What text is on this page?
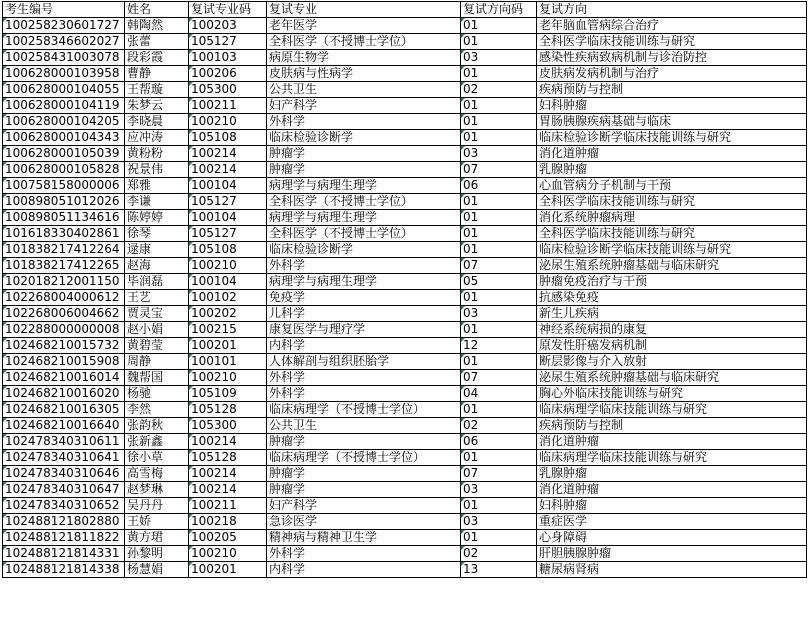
考生编号	姓名	复试专业码	复试专业	复试方向码	复试方向
100258230601727	韩陶然	100203	老年医学	01	老年脑血管病综合治疗
100258346602027	张蕾	105127	全科医学（不授博士学位）	01	全科医学临床技能训练与研究
100258431003078	段彩霞	100103	病原生物学	03	感染性疾病致病机制与诊治防控
100628000103958	曹静	100206	皮肤病与性病学	01	皮肤病发病机制与治疗
100628000104055	王帮璇	105300	公共卫生	02	疾病预防与控制
100628000104119	朱梦云	100211	妇产科学	01	妇科肿瘤
100628000104205	李晓晨	100210	外科学	01	胃肠胰腺疾病基础与临床
100628000104343	应冲涛	105108	临床检验诊断学	01	临床检验诊断学临床技能训练与研究
100628000105039	黄粉粉	100214	肿瘤学	03	消化道肿瘤
100628000105828	祝景伟	100214	肿瘤学	07	乳腺肿瘤
100758158000006	郑雅	100104	病理学与病理生理学	06	心血管病分子机制与干预
100898051012026	李谦	105127	全科医学（不授博士学位）	01	全科医学临床技能训练与研究
100898051134616	陈婷婷	100104	病理学与病理生理学	01	消化系统肿瘤病理
101618330402861	徐琴	105127	全科医学（不授博士学位）	01	全科医学临床技能训练与研究
101838217412264	逯康	105108	临床检验诊断学	01	临床检验诊断学临床技能训练与研究
101838217412265	赵海	100210	外科学	07	泌尿生殖系统肿瘤基础与临床研究
102018212001150	毕润磊	100104	病理学与病理生理学	05	肿瘤免疫治疗与干预
102268004000612	王艺	100102	免疫学	01	抗感染免疫
102268006004662	贾灵宝	100202	儿科学	03	新生儿疾病
102288000000008	赵小娟	100215	康复医学与理疗学	01	神经系统病损的康复
102468210015732	黄碧莹	100201	内科学	12	原发性肝癌发病机制
102468210015908	周静	100101	人体解剖与组织胚胎学	01	断层影像与介入放射
102468210016014	魏帮国	100210	外科学	07	泌尿生殖系统肿瘤基础与临床研究
102468210016020	杨驰	105109	外科学	04	胸心外临床技能训练与研究
102468210016305	李然	105128	临床病理学（不授博士学位）	01	临床病理学临床技能训练与研究
102468210016640	张韵秋	105300	公共卫生	02	疾病预防与控制
102478340310611	张新鑫	100214	肿瘤学	06	消化道肿瘤
102478340310641	徐小草	105128	临床病理学（不授博士学位）	01	临床病理学临床技能训练与研究
102478340310646	高雪梅	100214	肿瘤学	07	乳腺肿瘤
102478340310647	赵梦琳	100214	肿瘤学	03	消化道肿瘤
102478340310652	吴丹丹	100211	妇产科学	01	妇科肿瘤
102488121802880	王娇	100218	急诊医学	03	重症医学
102488121811822	黄方珺	100205	精神病与精神卫生学	01	心身障碍
102488121814331	孙黎明	100210	外科学	02	肝胆胰腺肿瘤
102488121814338	杨慧娟	100201	内科学	13	糖尿病肾病
